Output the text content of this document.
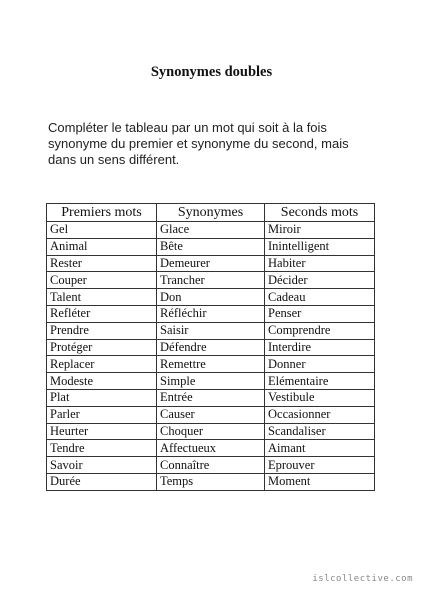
Synonymes doubles
Compléter le tableau par un mot qui soit à la fois
synonyme du premier et synonyme du second, mais
dans un sens différent.
Premiers mots	Synonymes	Seconds mots
Gel	Glace	Miroir
Animal	Bête	Inintelligent
Rester	Demeurer	Habiter
Couper	Trancher	Décider
Talent	Don	Cadeau
Refléter	Réfléchir	Penser
Prendre	Saisir	Comprendre
Protéger	Défendre	Interdire
Replacer	Remettre	Donner
Modeste	Simple	Elémentaire
Plat	Entrée	Vestibule
Parler	Causer	Occasionner
Heurter	Choquer	Scandaliser
Tendre	Affectueux	Aimant
Savoir	Connaître	Eprouver
Durée	Temps	Moment
islcollective.com
